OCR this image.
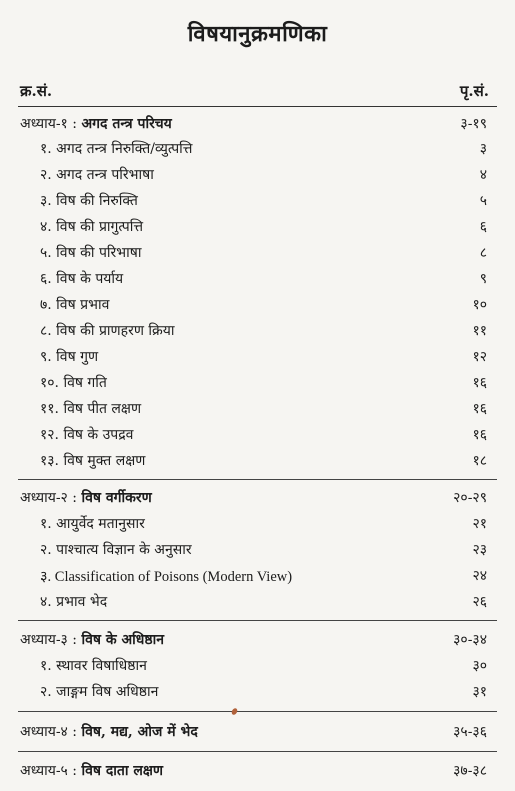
विषयानुक्रमणिका
क्र.सं.	पृ.सं.
अध्याय-१ : अगद तन्त्र परिचय	३-१९
१. अगद तन्त्र निरुक्ति/व्युत्पत्ति	३
२. अगद तन्त्र परिभाषा	४
३. विष की निरुक्ति	५
४. विष की प्रागुत्पत्ति	६
५. विष की परिभाषा	८
६. विष के पर्याय	९
७. विष प्रभाव	१०
८. विष की प्राणहरण क्रिया	११
९. विष गुण	१२
१०. विष गति	१६
११. विष पीत लक्षण	१६
१२. विष के उपद्रव	१६
१३. विष मुक्त लक्षण	१८
अध्याय-२ : विष वर्गीकरण	२०-२९
१. आयुर्वेद मतानुसार	२१
२. पाश्चात्य विज्ञान के अनुसार	२३
३. Classification of Poisons (Modern View)	२४
४. प्रभाव भेद	२६
अध्याय-३ : विष के अधिष्ठान	३०-३४
१. स्थावर विषाधिष्ठान	३०
२. जाङ्गम विष अधिष्ठान	३१
अध्याय-४ : विष, मद्य, ओज में भेद	३५-३६
अध्याय-५ : विष दाता लक्षण	३७-३८
